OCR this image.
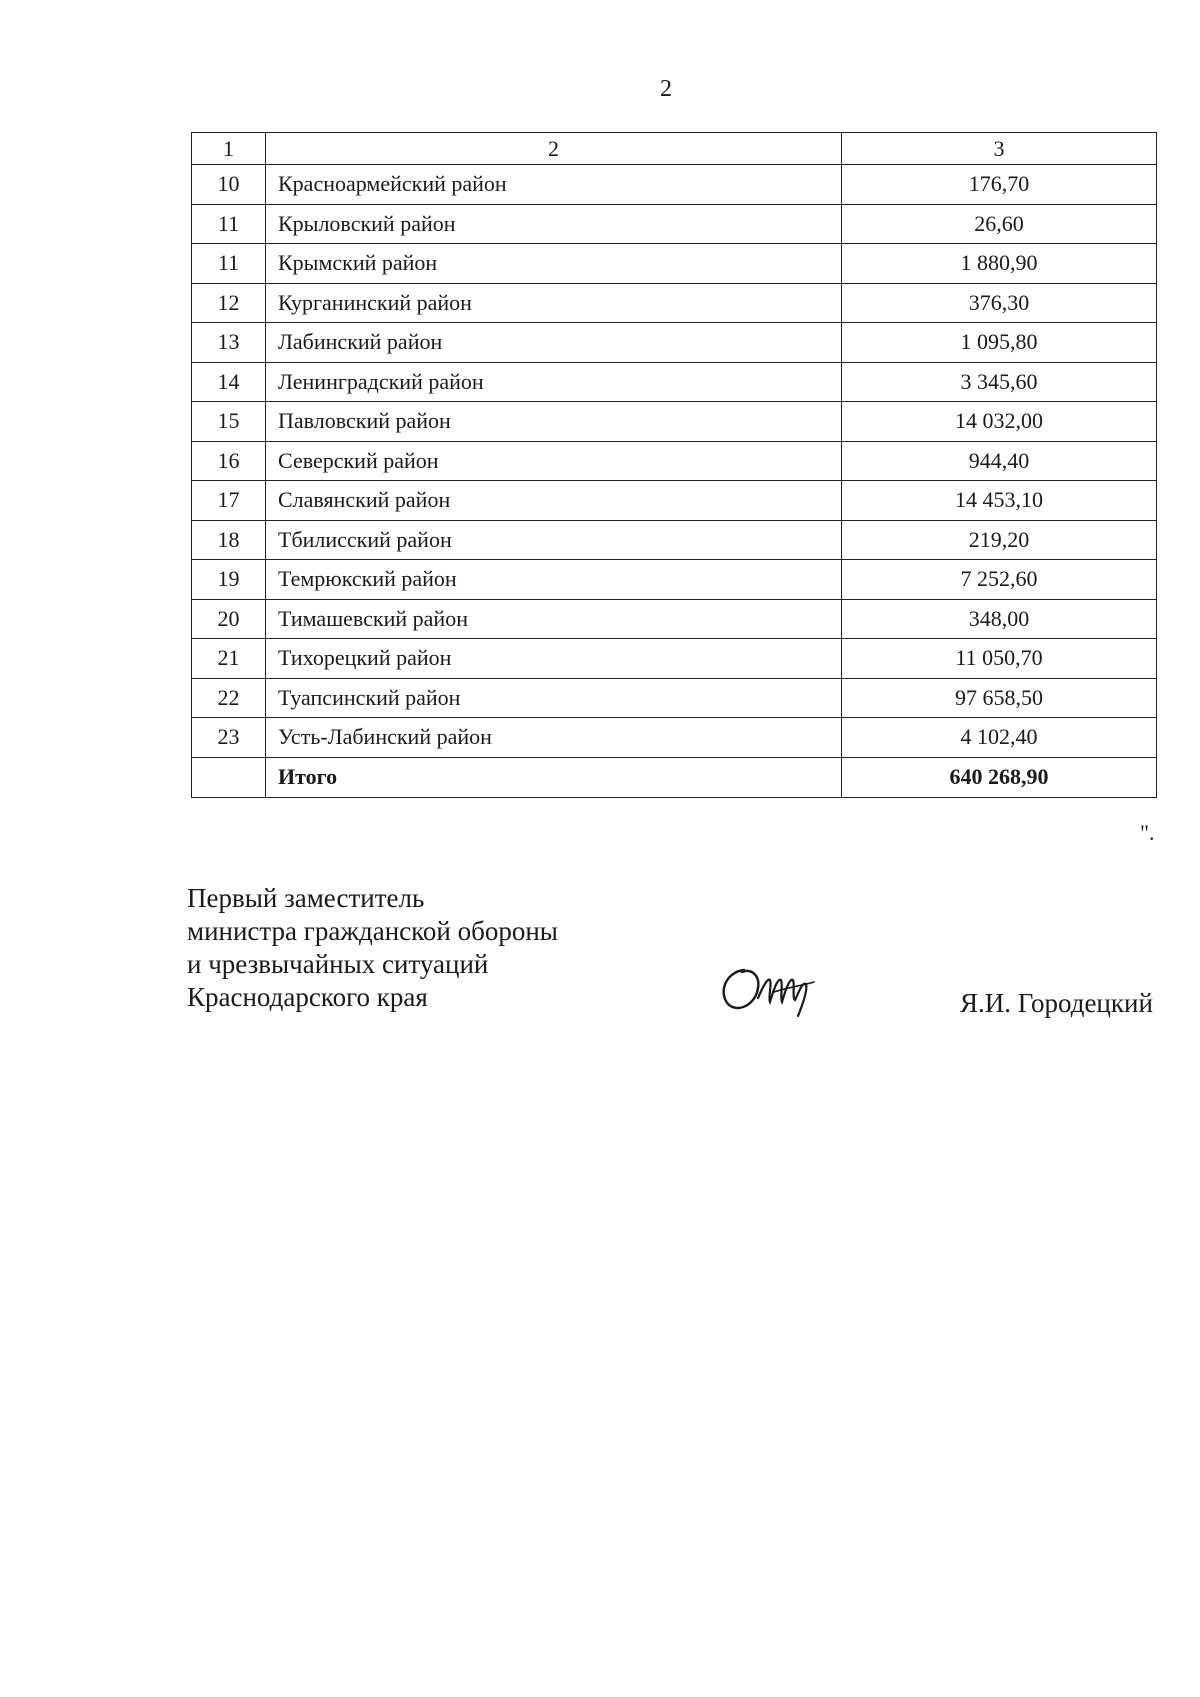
2
1	2	3
10	Красноармейский район	176,70
11	Крыловский район	26,60
11	Крымский район	1 880,90
12	Курганинский район	376,30
13	Лабинский район	1 095,80
14	Ленинградский район	3 345,60
15	Павловский район	14 032,00
16	Северский район	944,40
17	Славянский район	14 453,10
18	Тбилисский район	219,20
19	Темрюкский район	7 252,60
20	Тимашевский район	348,00
21	Тихорецкий район	11 050,70
22	Туапсинский район	97 658,50
23	Усть-Лабинский район	4 102,40
	Итого	640 268,90
".
Первый заместитель
министра гражданской обороны
и чрезвычайных ситуаций
Краснодарского края	Я.И. Городецкий
